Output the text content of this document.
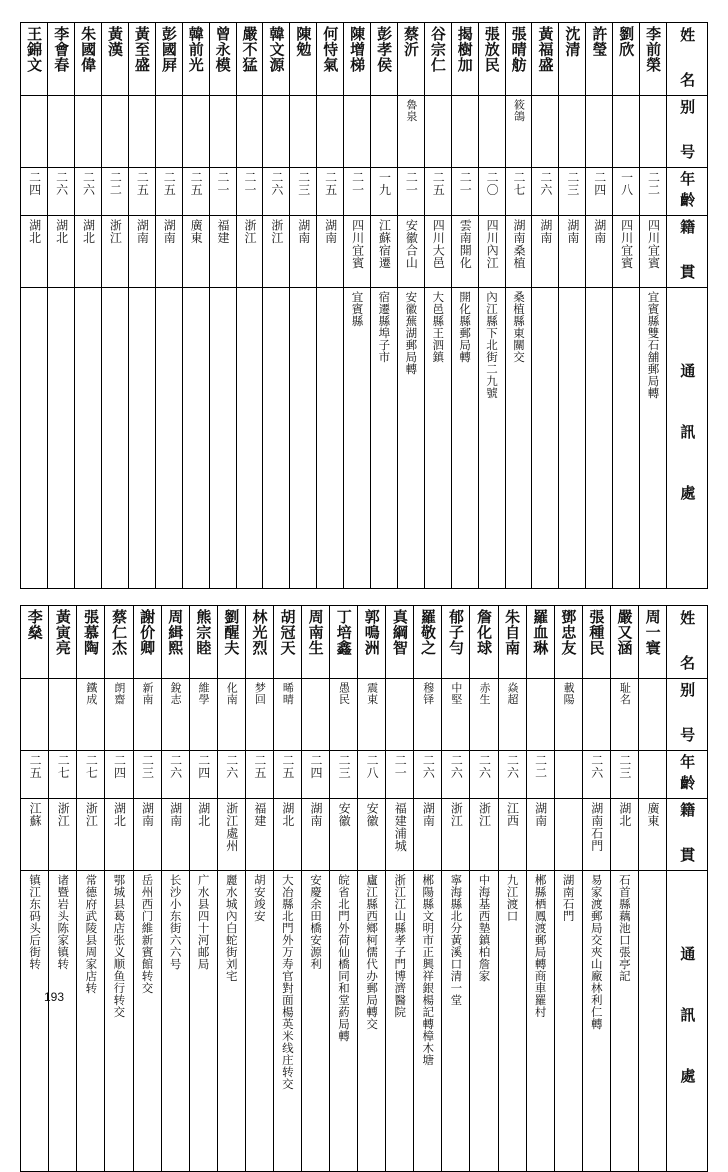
姓 名	李前榮	劉欣	許瑩	沈清	黃福盛	張晴舫	張放民	揭樹加	谷宗仁	蔡沂	彭孝侯	陳增梯	何恃氣	陳勉	韓文源	嚴不猛	曾永模	韓前光	彭國屛	黃至盛	黃漢	朱國偉	李會春	王錦文

别 号						筱鴿				魯泉														

年齡	二二	一八	二四	二三	二六	二七	二〇	二一	二五	二一	一九	二一	二五	二三	二六	二一	二一	二五	二五	二五	二二	二六	二六	二四

籍 貫	四川宜賓	四川宜賓	湖南	湖南	湖南	湖南桑植	四川內江	雲南開化	四川大邑	安徽合山	江蘇宿遷	四川宜賓	湖南	湖南	浙江	浙江	福建	廣東	湖南	湖南	浙江	湖北	湖北	湖北

通 訊 處	宜賓縣雙石舖郵局轉					桑植縣東關交	內江縣下北街二九號	開化縣郵局轉	大邑縣王泗鎮	安徽蕪湖郵局轉	宿遷縣埠子市	宜賓縣												

姓 名	周一寰	嚴又涵	張種民	鄧忠友	羅血琳	朱自南	詹化球	郁子勻	羅敬之	真綱智	郭鳴洲	丁培鑫	周南生	胡冠天	林光烈	劉醒夫	熊宗睦	周緝熙	謝价卿	蔡仁杰	張慕陶	黃寅亮	李燊

别 号		耻名		載陽		焱超	赤生	中堅	穆铎		震東	愚民		晞晴	梦回	化南	維學	銳志	新南	朗齋	鐵成		

年齡		二三	二六		二二	二六	二六	二六	二六	二一	二八	二三	二四	二五	二五	二六	二四	二六	二三	二四	二七	二七	二五

籍 貫	廣東	湖北	湖南石門		湖南	江西	浙江	浙江	湖南	福建浦城	安徽	安徽	湖南	湖北	福建	浙江處州	湖北	湖南	湖南	湖北	浙江	浙江	江蘇

通 訊 處		石首縣藕池口張亭記	易家渡郵局交夾山廠林利仁轉	湖南石門	郴縣栖鳳渡郵局轉商車羅村	九江渡口	中海基西墊鎮柏詹家	寧海縣北分黃溪口清一堂	郴陽縣文明市正興祥銀楊記轉樟木塘	浙江江山縣孝子門博濟醫院	廬江縣西鄉柯儒代办郵局轉交	皖省北門外荷仙橋同和堂葯局轉	安慶余田橋安源利	大冶縣北門外万寿官對面楊英米线庄转交	胡安竣安	麗水城內白蛇街刘宅	广水县四十河邮局	长沙小东街六六号	岳州西门維新賓館转交	鄂城县葛店张义顺鱼行转交	常德府武陵县周家店转	诸暨岩头陈家镇转	镇江东码头后街转
193
